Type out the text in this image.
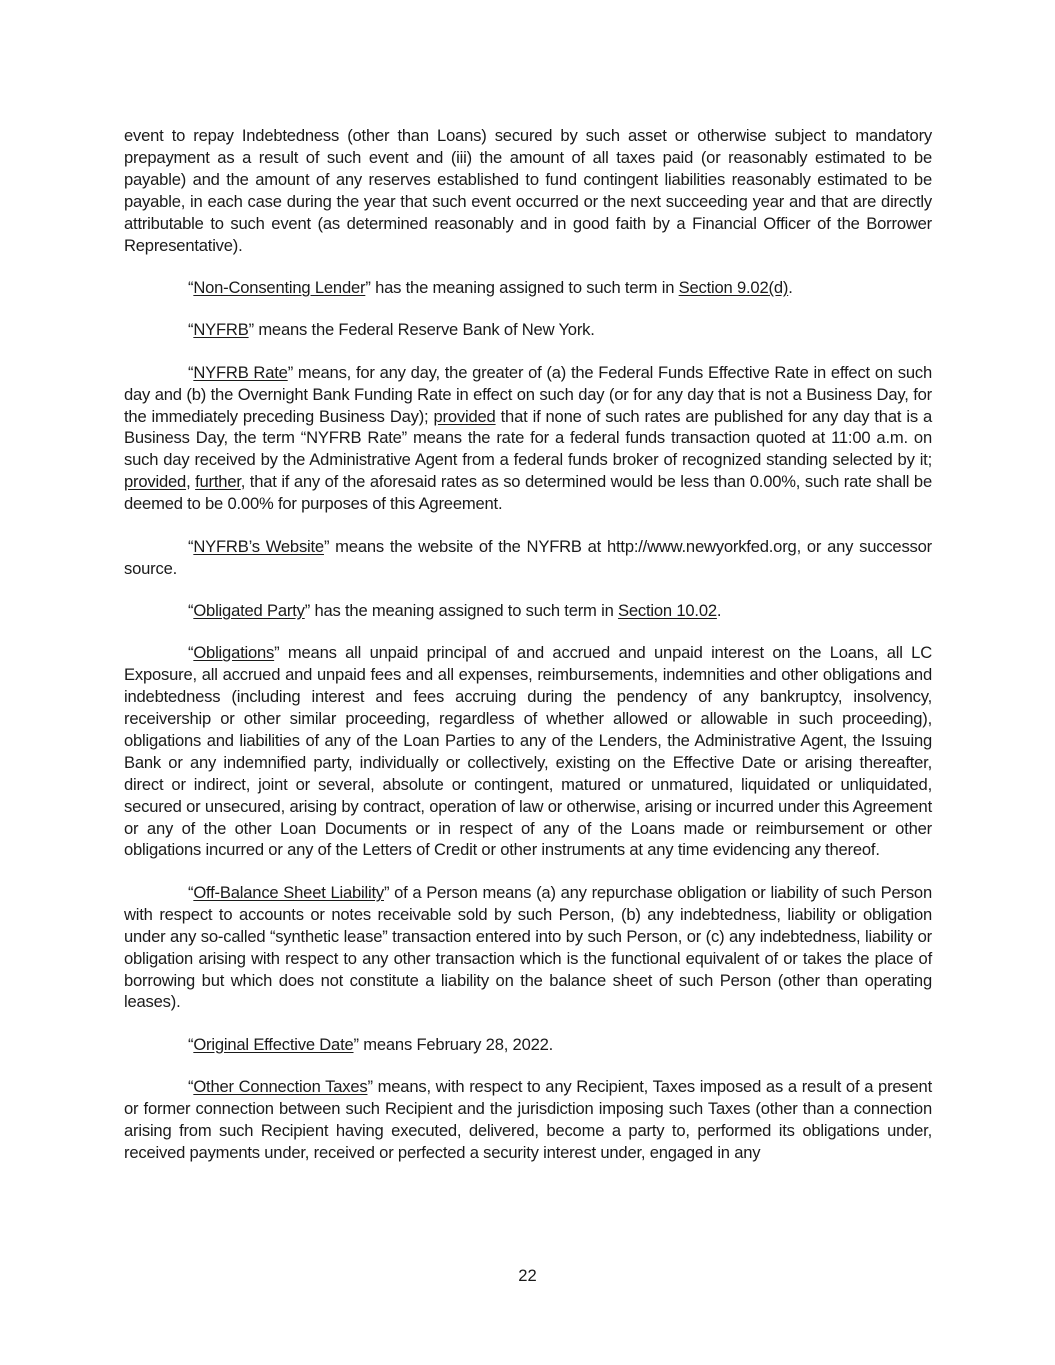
event to repay Indebtedness (other than Loans) secured by such asset or otherwise subject to mandatory prepayment as a result of such event and (iii) the amount of all taxes paid (or reasonably estimated to be payable) and the amount of any reserves established to fund contingent liabilities reasonably estimated to be payable, in each case during the year that such event occurred or the next succeeding year and that are directly attributable to such event (as determined reasonably and in good faith by a Financial Officer of the Borrower Representative).

“Non-Consenting Lender” has the meaning assigned to such term in Section 9.02(d).

“NYFRB” means the Federal Reserve Bank of New York.

“NYFRB Rate” means, for any day, the greater of (a) the Federal Funds Effective Rate in effect on such day and (b) the Overnight Bank Funding Rate in effect on such day (or for any day that is not a Business Day, for the immediately preceding Business Day); provided that if none of such rates are published for any day that is a Business Day, the term “NYFRB Rate” means the rate for a federal funds transaction quoted at 11:00 a.m. on such day received by the Administrative Agent from a federal funds broker of recognized standing selected by it; provided, further, that if any of the aforesaid rates as so determined would be less than 0.00%, such rate shall be deemed to be 0.00% for purposes of this Agreement.

“NYFRB’s Website” means the website of the NYFRB at http://www.newyorkfed.org, or any successor source.

“Obligated Party” has the meaning assigned to such term in Section 10.02.

“Obligations” means all unpaid principal of and accrued and unpaid interest on the Loans, all LC Exposure, all accrued and unpaid fees and all expenses, reimbursements, indemnities and other obligations and indebtedness (including interest and fees accruing during the pendency of any bankruptcy, insolvency, receivership or other similar proceeding, regardless of whether allowed or allowable in such proceeding), obligations and liabilities of any of the Loan Parties to any of the Lenders, the Administrative Agent, the Issuing Bank or any indemnified party, individually or collectively, existing on the Effective Date or arising thereafter, direct or indirect, joint or several, absolute or contingent, matured or unmatured, liquidated or unliquidated, secured or unsecured, arising by contract, operation of law or otherwise, arising or incurred under this Agreement or any of the other Loan Documents or in respect of any of the Loans made or reimbursement or other obligations incurred or any of the Letters of Credit or other instruments at any time evidencing any thereof.

“Off-Balance Sheet Liability” of a Person means (a) any repurchase obligation or liability of such Person with respect to accounts or notes receivable sold by such Person, (b) any indebtedness, liability or obligation under any so-called “synthetic lease” transaction entered into by such Person, or (c) any indebtedness, liability or obligation arising with respect to any other transaction which is the functional equivalent of or takes the place of borrowing but which does not constitute a liability on the balance sheet of such Person (other than operating leases).

“Original Effective Date” means February 28, 2022.

“Other Connection Taxes” means, with respect to any Recipient, Taxes imposed as a result of a present or former connection between such Recipient and the jurisdiction imposing such Taxes (other than a connection arising from such Recipient having executed, delivered, become a party to, performed its obligations under, received payments under, received or perfected a security interest under, engaged in any

22
